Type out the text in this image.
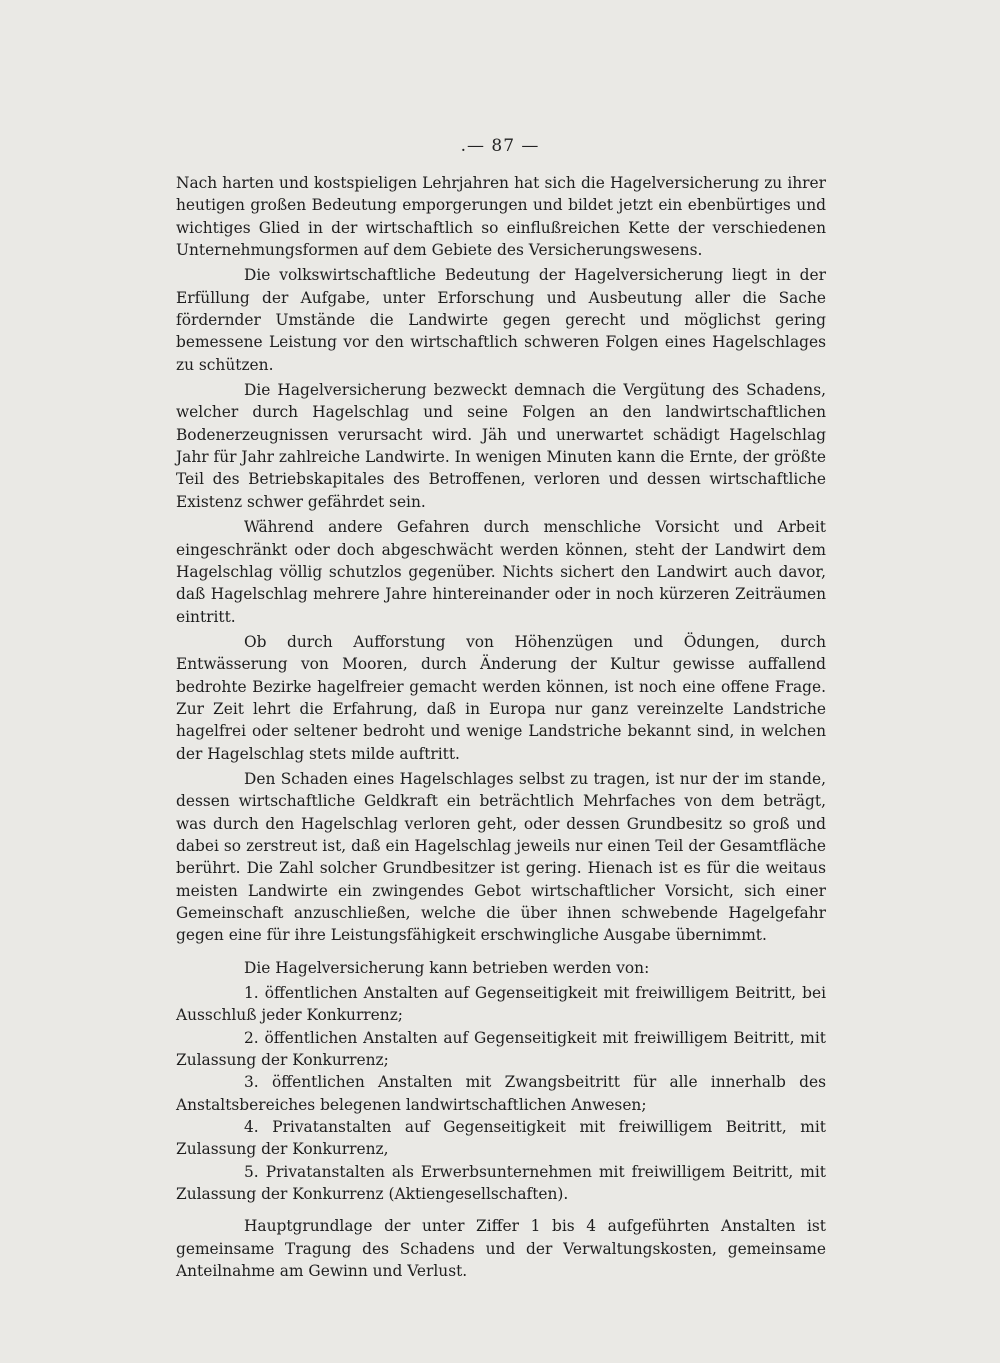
.— 87 —

Nach harten und kostspieligen Lehrjahren hat sich die Hagelversicherung zu ihrer heutigen großen Bedeutung emporgerungen und bildet jetzt ein ebenbürtiges und wichtiges Glied in der wirtschaftlich so einflußreichen Kette der verschiedenen Unternehmungsformen auf dem Gebiete des Versicherungswesens.

Die volkswirtschaftliche Bedeutung der Hagelversicherung liegt in der Erfüllung der Aufgabe, unter Erforschung und Ausbeutung aller die Sache fördernder Umstände die Landwirte gegen gerecht und möglichst gering bemessene Leistung vor den wirtschaftlich schweren Folgen eines Hagelschlages zu schützen.

Die Hagelversicherung bezweckt demnach die Vergütung des Schadens, welcher durch Hagelschlag und seine Folgen an den landwirtschaftlichen Bodenerzeugnissen verursacht wird. Jäh und unerwartet schädigt Hagelschlag Jahr für Jahr zahlreiche Landwirte. In wenigen Minuten kann die Ernte, der größte Teil des Betriebskapitales des Betroffenen, verloren und dessen wirtschaftliche Existenz schwer gefährdet sein.

Während andere Gefahren durch menschliche Vorsicht und Arbeit eingeschränkt oder doch abgeschwächt werden können, steht der Landwirt dem Hagelschlag völlig schutzlos gegenüber. Nichts sichert den Landwirt auch davor, daß Hagelschlag mehrere Jahre hintereinander oder in noch kürzeren Zeiträumen eintritt.

Ob durch Aufforstung von Höhenzügen und Ödungen, durch Entwässerung von Mooren, durch Änderung der Kultur gewisse auffallend bedrohte Bezirke hagelfreier gemacht werden können, ist noch eine offene Frage. Zur Zeit lehrt die Erfahrung, daß in Europa nur ganz vereinzelte Landstriche hagelfrei oder seltener bedroht und wenige Landstriche bekannt sind, in welchen der Hagelschlag stets milde auftritt.

Den Schaden eines Hagelschlages selbst zu tragen, ist nur der im stande, dessen wirtschaftliche Geldkraft ein beträchtlich Mehrfaches von dem beträgt, was durch den Hagelschlag verloren geht, oder dessen Grundbesitz so groß und dabei so zerstreut ist, daß ein Hagelschlag jeweils nur einen Teil der Gesamtfläche berührt. Die Zahl solcher Grundbesitzer ist gering. Hienach ist es für die weitaus meisten Landwirte ein zwingendes Gebot wirtschaftlicher Vorsicht, sich einer Gemeinschaft anzuschließen, welche die über ihnen schwebende Hagelgefahr gegen eine für ihre Leistungsfähigkeit erschwingliche Ausgabe übernimmt.

Die Hagelversicherung kann betrieben werden von:

1. öffentlichen Anstalten auf Gegenseitigkeit mit freiwilligem Beitritt, bei Ausschluß jeder Konkurrenz;
2. öffentlichen Anstalten auf Gegenseitigkeit mit freiwilligem Beitritt, mit Zulassung der Konkurrenz;
3. öffentlichen Anstalten mit Zwangsbeitritt für alle innerhalb des Anstaltsbereiches belegenen landwirtschaftlichen Anwesen;
4. Privatanstalten auf Gegenseitigkeit mit freiwilligem Beitritt, mit Zulassung der Konkurrenz,
5. Privatanstalten als Erwerbsunternehmen mit freiwilligem Beitritt, mit Zulassung der Konkurrenz (Aktiengesellschaften).

Hauptgrundlage der unter Ziffer 1 bis 4 aufgeführten Anstalten ist gemeinsame Tragung des Schadens und der Verwaltungskosten, gemeinsame Anteilnahme am Gewinn und Verlust.
